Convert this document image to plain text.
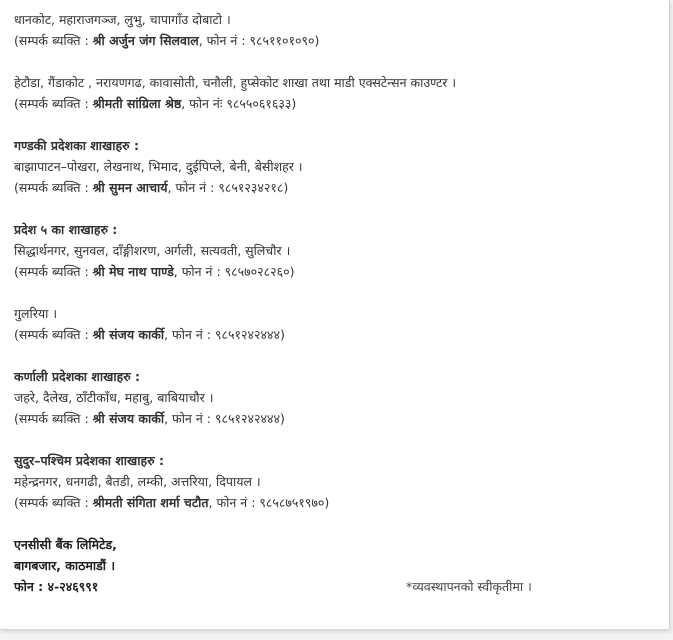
धानकोट, महाराजगञ्ज, लुभु, चापागाँउ दोबाटो ।
(सम्पर्क ब्यक्ति : श्री अर्जुन जंग सिलवाल, फोन नं : ९८५११०१०९०)
हेटौडा, गैंडाकोट , नरायणगढ, कावासोती, चनौली, हुप्सेकोट शाखा तथा माडी एक्सटेन्सन काउण्टर ।
(सम्पर्क ब्यक्ति : श्रीमती सांग्रिला श्रेष्ठ, फोन नंः ९८५५०६१६३३)
गण्डकी प्रदेशका शाखाहरु :
बाझापाटन–पोखरा, लेखनाथ, भिमाद, दुईपिप्ले, बेनी, बेसीशहर ।
(सम्पर्क ब्यक्ति : श्री सुमन आचार्य, फोन नं : ९८५१२३४२१८)
प्रदेश ५ का शाखाहरु :
सिद्धार्थनगर, सुनवल, दाँङ्गीशरण, अर्गली, सत्यवती, सुलिचौर ।
(सम्पर्क ब्यक्ति : श्री मेघ नाथ पाण्डे, फोन नं : ९८५७०२८२६०)
गुलरिया ।
(सम्पर्क ब्यक्ति : श्री संजय कार्की, फोन नं : ९८५१२४२४४४)
कर्णाली प्रदेशका शाखाहरु :
जहरे, दैलेख, ठाँटीकाँध, महाबु, बाबियाचौर ।
(सम्पर्क ब्यक्ति : श्री संजय कार्की, फोन नं : ९८५१२४२४४४)
सुदुर–पश्चिम प्रदेशका शाखाहरु :
महेन्द्रनगर, धनगढी, बैतडी, लम्की, अत्तरिया, दिपायल ।
(सम्पर्क ब्यक्ति : श्रीमती संगिता शर्मा चटौत, फोन नं : ९८५८७५१९७०)
एनसीसी बैंक लिमिटेड,
बागबजार, काठमाडौं ।
फोन : ४-२४६९९१	*व्यवस्थापनको स्वीकृतीमा ।
